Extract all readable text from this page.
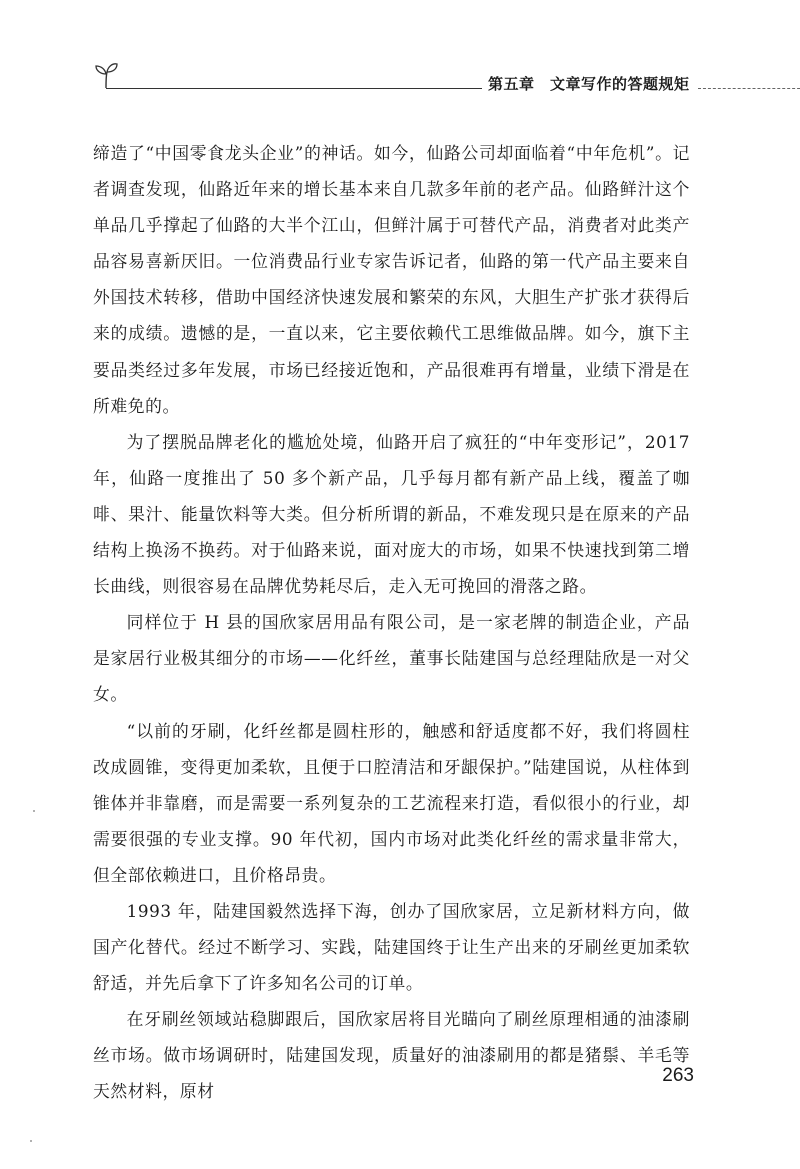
第五章　文章写作的答题规矩

缔造了“中国零食龙头企业”的神话。如今，仙路公司却面临着“中年危机”。记者调查发现，仙路近年来的增长基本来自几款多年前的老产品。仙路鲜汁这个单品几乎撑起了仙路的大半个江山，但鲜汁属于可替代产品，消费者对此类产品容易喜新厌旧。一位消费品行业专家告诉记者，仙路的第一代产品主要来自外国技术转移，借助中国经济快速发展和繁荣的东风，大胆生产扩张才获得后来的成绩。遗憾的是，一直以来，它主要依赖代工思维做品牌。如今，旗下主要品类经过多年发展，市场已经接近饱和，产品很难再有增量，业绩下滑是在所难免的。

为了摆脱品牌老化的尴尬处境，仙路开启了疯狂的“中年变形记”，2017 年，仙路一度推出了 50 多个新产品，几乎每月都有新产品上线，覆盖了咖啡、果汁、能量饮料等大类。但分析所谓的新品，不难发现只是在原来的产品结构上换汤不换药。对于仙路来说，面对庞大的市场，如果不快速找到第二增长曲线，则很容易在品牌优势耗尽后，走入无可挽回的滑落之路。

同样位于 H 县的国欣家居用品有限公司，是一家老牌的制造企业，产品是家居行业极其细分的市场——化纤丝，董事长陆建国与总经理陆欣是一对父女。

“以前的牙刷，化纤丝都是圆柱形的，触感和舒适度都不好，我们将圆柱改成圆锥，变得更加柔软，且便于口腔清洁和牙龈保护。”陆建国说，从柱体到锥体并非靠磨，而是需要一系列复杂的工艺流程来打造，看似很小的行业，却需要很强的专业支撑。90 年代初，国内市场对此类化纤丝的需求量非常大，但全部依赖进口，且价格昂贵。

1993 年，陆建国毅然选择下海，创办了国欣家居，立足新材料方向，做国产化替代。经过不断学习、实践，陆建国终于让生产出来的牙刷丝更加柔软舒适，并先后拿下了许多知名公司的订单。

在牙刷丝领域站稳脚跟后，国欣家居将目光瞄向了刷丝原理相通的油漆刷丝市场。做市场调研时，陆建国发现，质量好的油漆刷用的都是猪鬃、羊毛等天然材料，原材

263
